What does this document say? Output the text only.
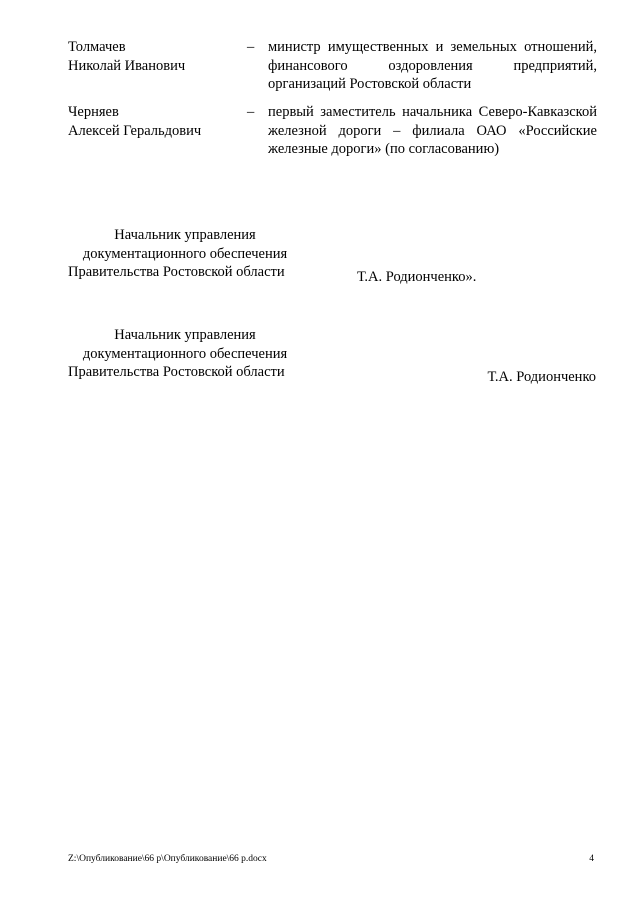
Толмачев
Николай Иванович
– министр имущественных и земельных отношений, финансового оздоровления предприятий, организаций Ростовской области
Черняев
Алексей Геральдович
– первый заместитель начальника Северо-Кавказской железной дороги – филиала ОАО «Российские железные дороги» (по согласованию)
Начальник управления
документационного обеспечения
Правительства Ростовской области	Т.А. Родионченко».
Начальник управления
документационного обеспечения
Правительства Ростовской области	Т.А. Родионченко
Z:\Опубликование\66 р\Опубликование\66 р.docx	4
